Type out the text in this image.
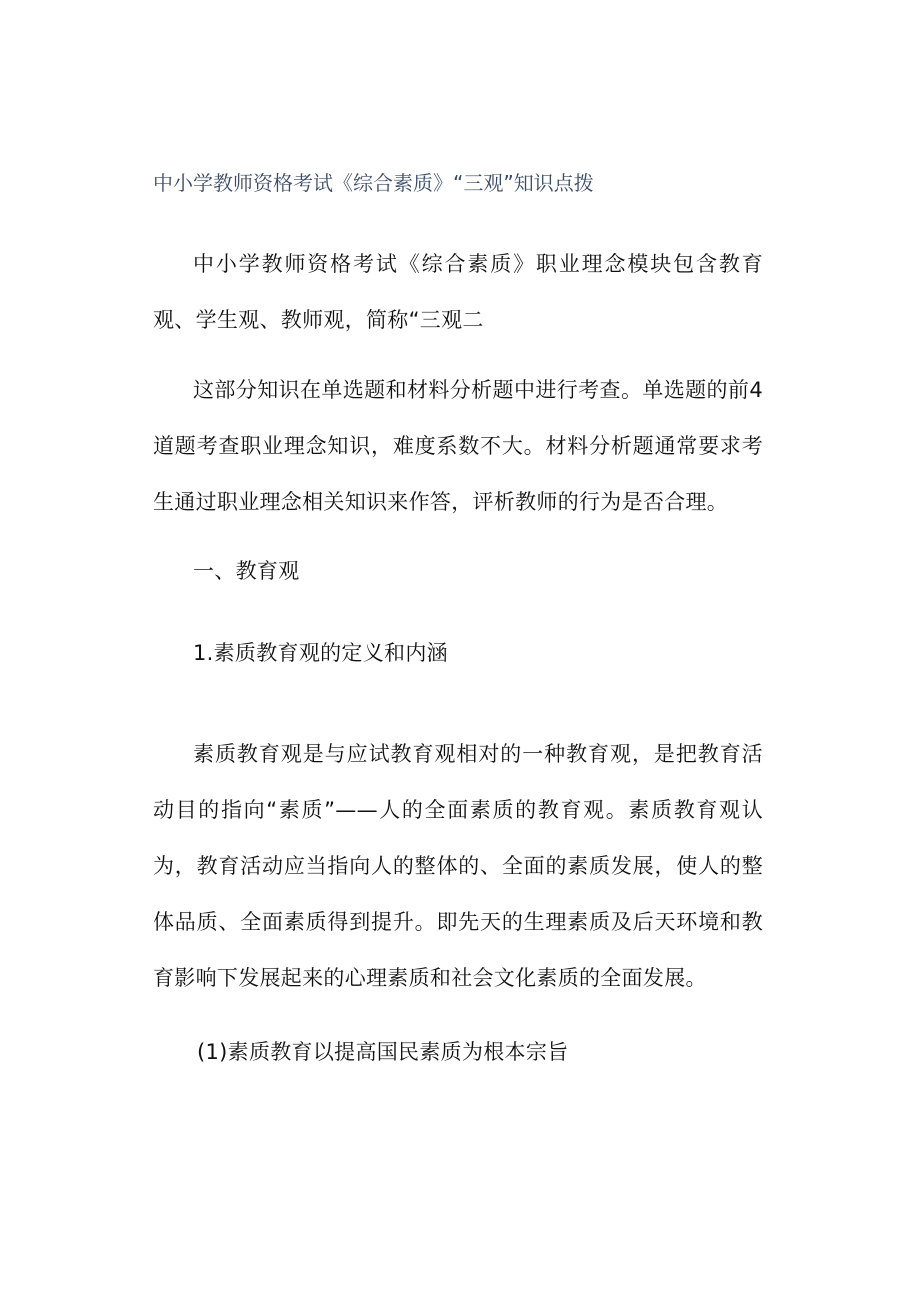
中小学教师资格考试《综合素质》“三观”知识点拨
中小学教师资格考试《综合素质》职业理念模块包含教育观、学生观、教师观，简称“三观二
这部分知识在单选题和材料分析题中进行考查。单选题的前4道题考查职业理念知识，难度系数不大。材料分析题通常要求考生通过职业理念相关知识来作答，评析教师的行为是否合理。
一、教育观
1.素质教育观的定义和内涵
素质教育观是与应试教育观相对的一种教育观，是把教育活动目的指向“素质”——人的全面素质的教育观。素质教育观认为，教育活动应当指向人的整体的、全面的素质发展，使人的整体品质、全面素质得到提升。即先天的生理素质及后天环境和教育影响下发展起来的心理素质和社会文化素质的全面发展。
(1)素质教育以提高国民素质为根本宗旨
